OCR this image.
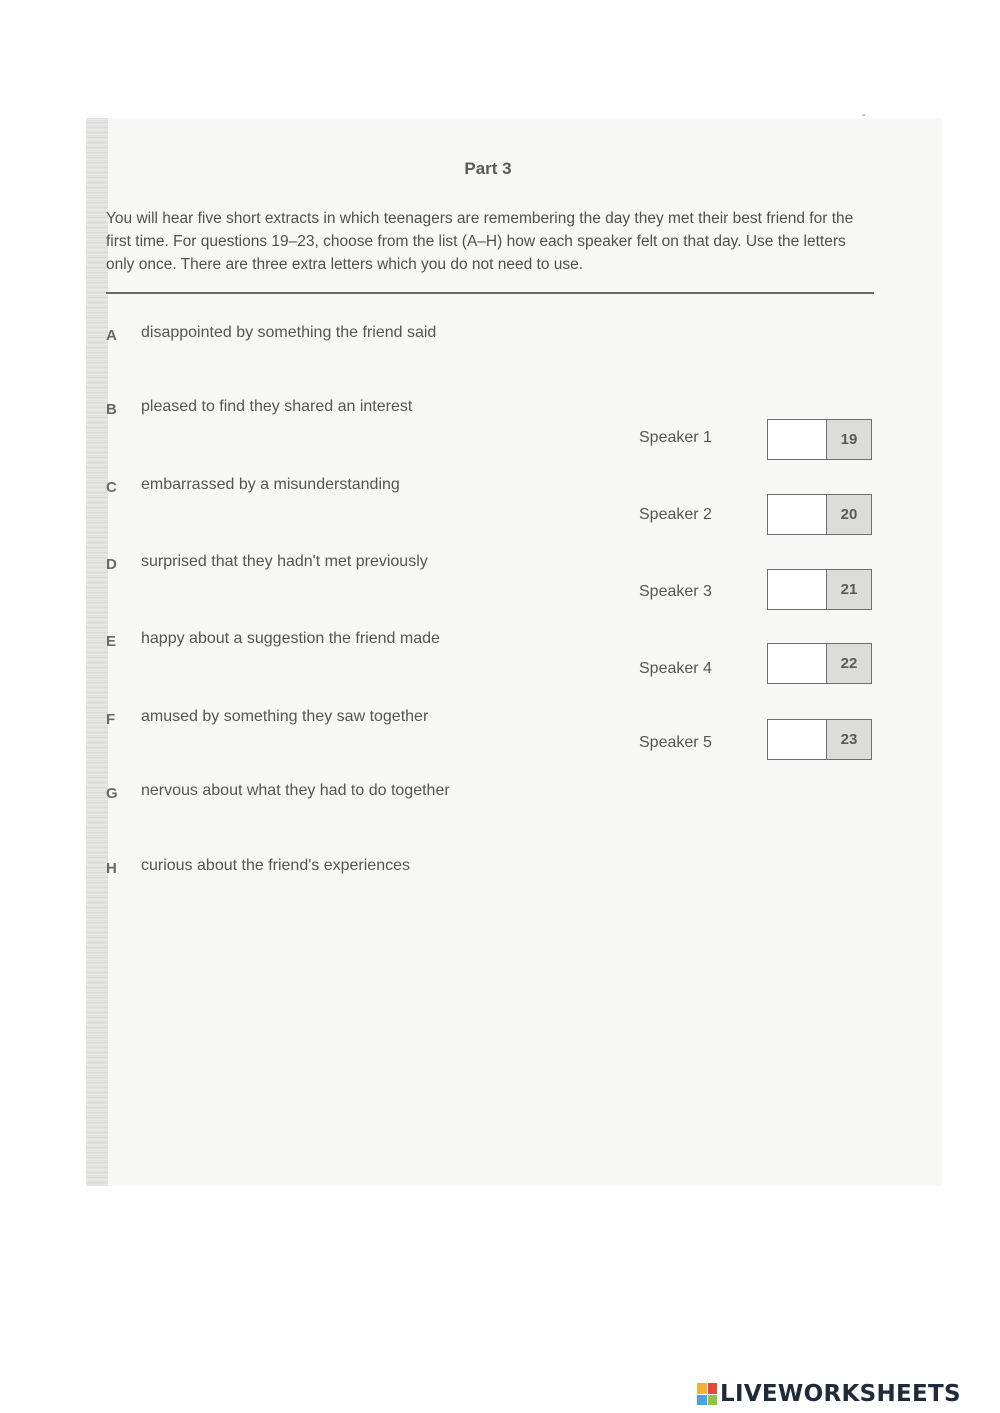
ˇ
Part 3
You will hear five short extracts in which teenagers are remembering the day they met their best friend for the first time. For questions 19–23, choose from the list (A–H) how each speaker felt on that day. Use the letters only once. There are three extra letters which you do not need to use.
A disappointed by something the friend said
B pleased to find they shared an interest
C embarrassed by a misunderstanding
D surprised that they hadn't met previously
E happy about a suggestion the friend made
F amused by something they saw together
G nervous about what they had to do together
H curious about the friend's experiences
Speaker 1	19
Speaker 2	20
Speaker 3	21
Speaker 4	22
Speaker 5	23
LIVEWORKSHEETS
